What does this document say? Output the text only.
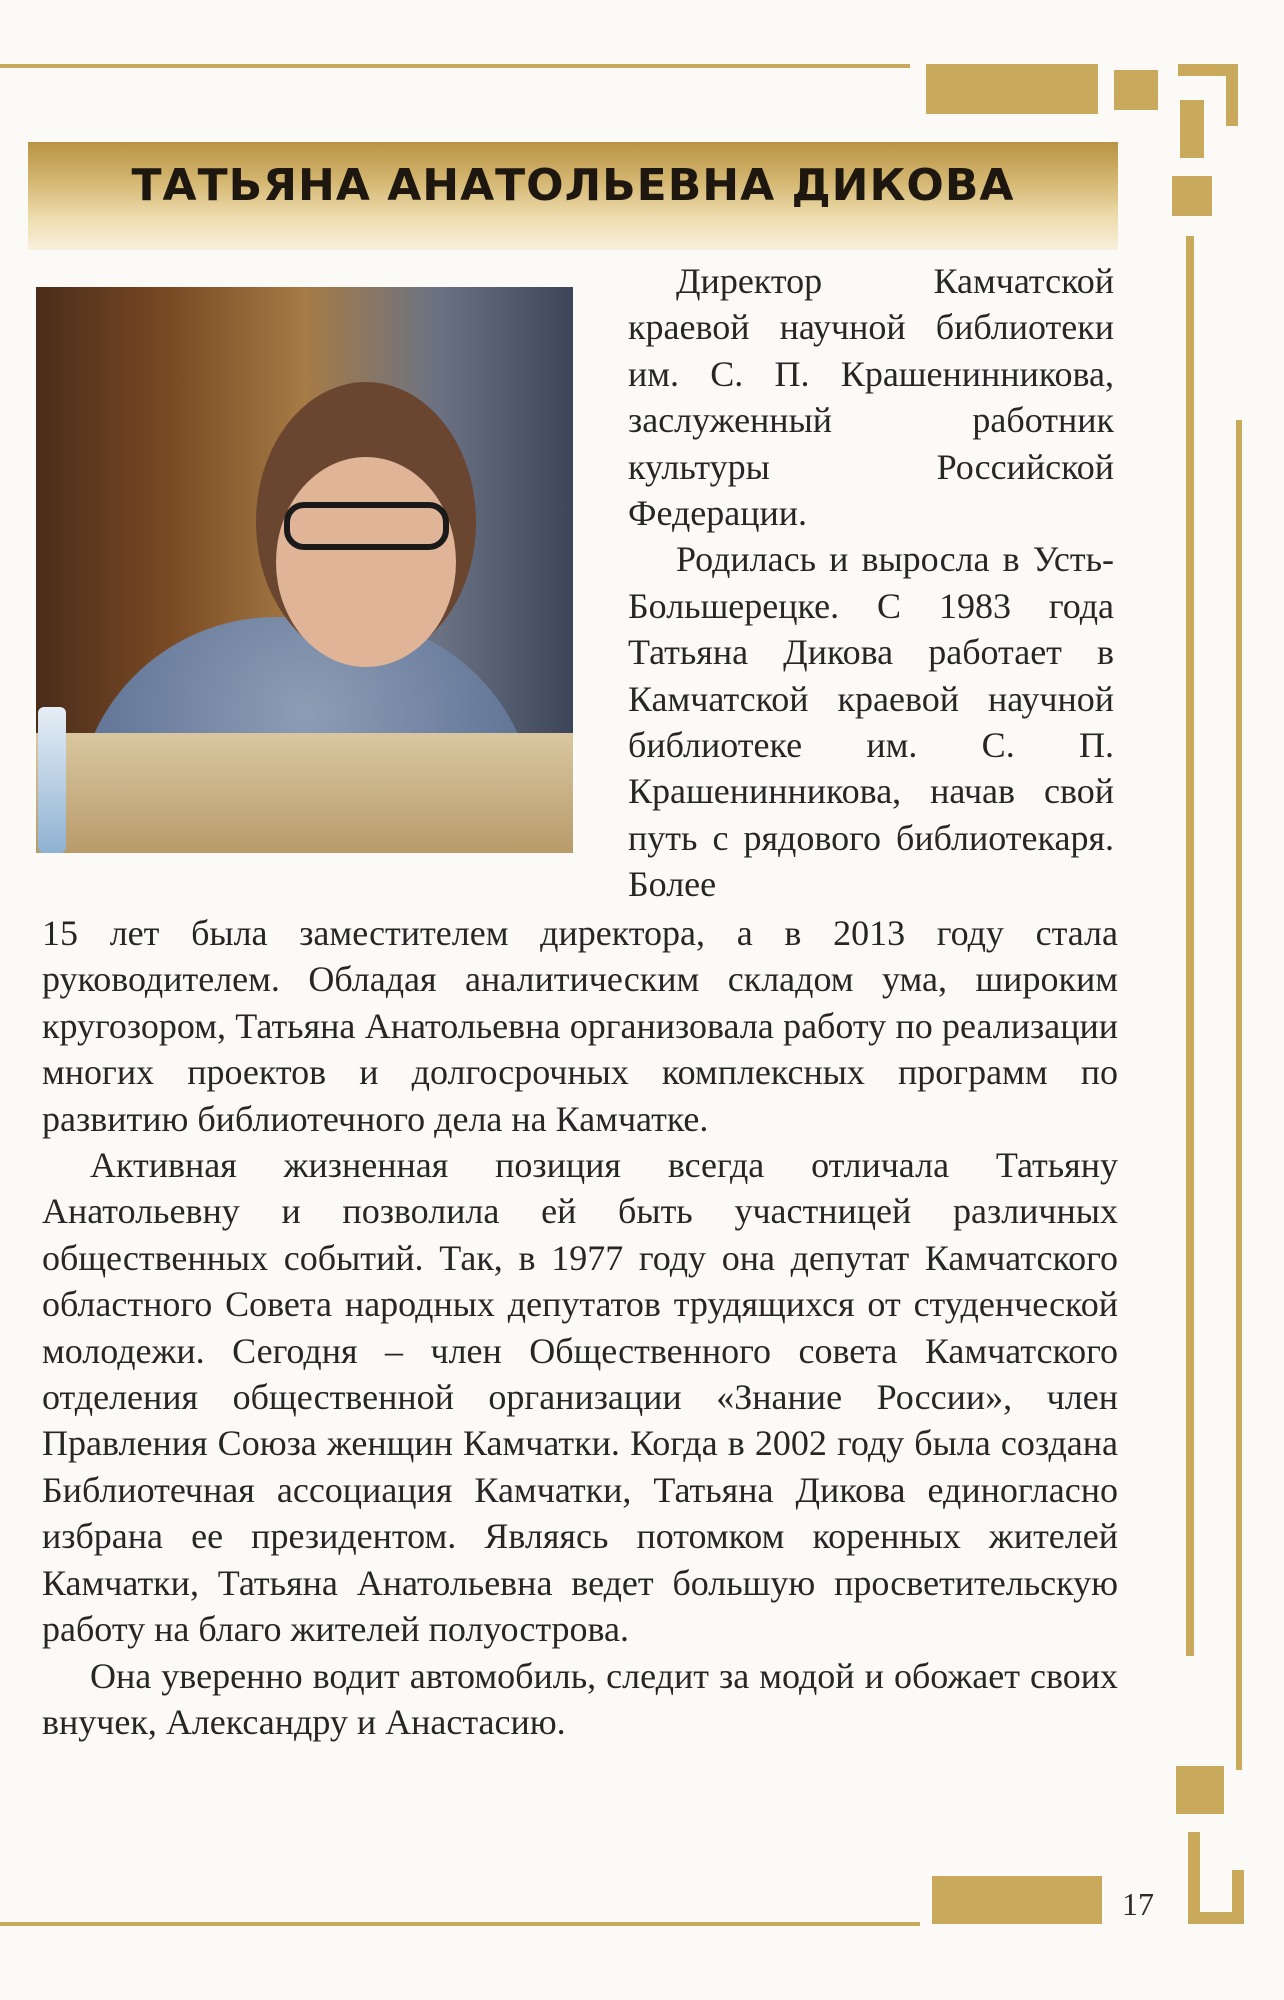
ТАТЬЯНА АНАТОЛЬЕВНА ДИКОВА

Директор Камчатской краевой научной библиотеки им. С. П. Крашенинникова, заслуженный работник культуры Российской Федерации.

Родилась и выросла в Усть-Большерецке. С 1983 года Татьяна Дикова работает в Камчатской краевой научной библиотеке им. С. П. Крашенинникова, начав свой путь с рядового библиотекаря. Более

15 лет была заместителем директора, а в 2013 году стала руководителем. Обладая аналитическим складом ума, широким кругозором, Татьяна Анатольевна организовала работу по реализации многих проектов и долгосрочных комплексных программ по развитию библиотечного дела на Камчатке.

Активная жизненная позиция всегда отличала Татьяну Анатольевну и позволила ей быть участницей различных общественных событий. Так, в 1977 году она депутат Камчатского областного Совета народных депутатов трудящихся от студенческой молодежи. Сегодня – член Общественного совета Камчатского отделения общественной организации «Знание России», член Правления Союза женщин Камчатки. Когда в 2002 году была создана Библиотечная ассоциация Камчатки, Татьяна Дикова единогласно избрана ее президентом. Являясь потомком коренных жителей Камчатки, Татьяна Анатольевна ведет большую просветительскую работу на благо жителей полуострова.

Она уверенно водит автомобиль, следит за модой и обожает своих внучек, Александру и Анастасию.

17
